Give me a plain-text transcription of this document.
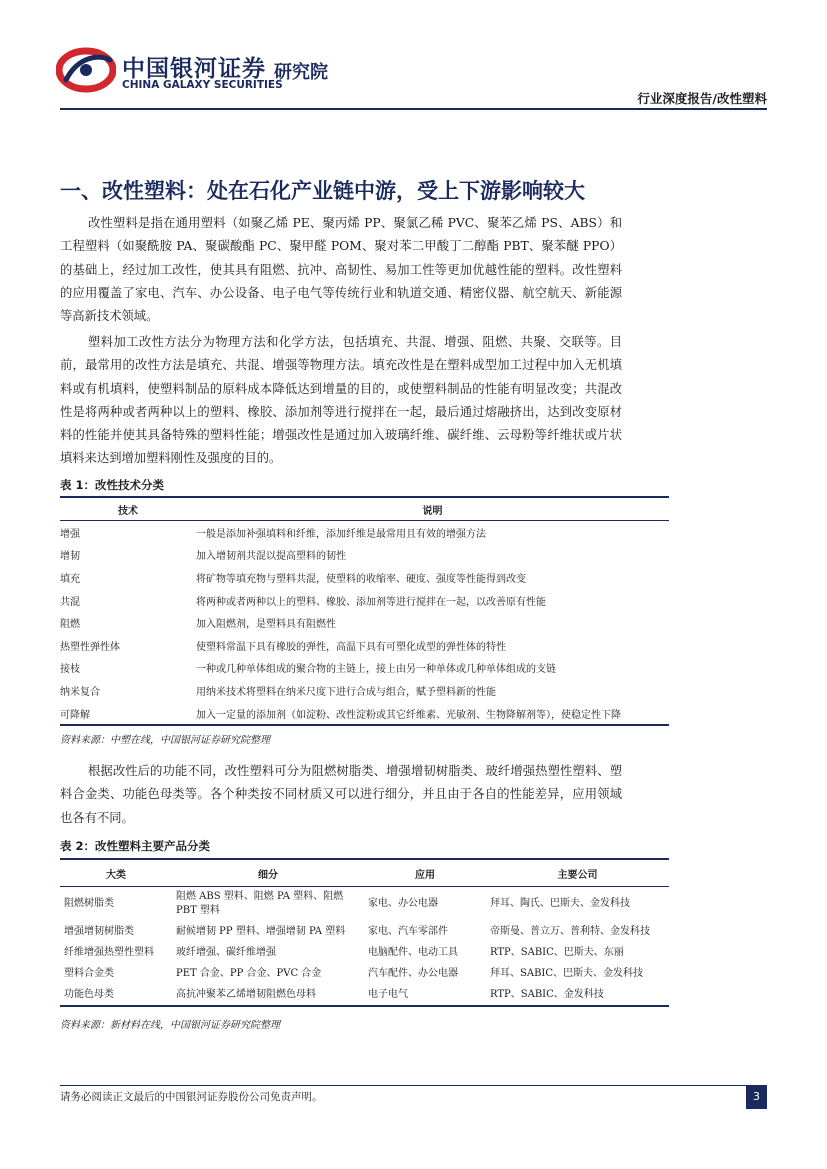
中国银河证券
CHINA GALAXY SECURITIES
研究院
行业深度报告/改性塑料
一、改性塑料：处在石化产业链中游，受上下游影响较大
改性塑料是指在通用塑料（如聚乙烯 PE、聚丙烯 PP、聚氯乙稀 PVC、聚苯乙烯 PS、ABS）和工程塑料（如聚酰胺 PA、聚碳酸酯 PC、聚甲醛 POM、聚对苯二甲酸丁二醇酯 PBT、聚苯醚 PPO）的基础上，经过加工改性，使其具有阻燃、抗冲、高韧性、易加工性等更加优越性能的塑料。改性塑料的应用覆盖了家电、汽车、办公设备、电子电气等传统行业和轨道交通、精密仪器、航空航天、新能源等高新技术领域。
塑料加工改性方法分为物理方法和化学方法，包括填充、共混、增强、阻燃、共聚、交联等。目前，最常用的改性方法是填充、共混、增强等物理方法。填充改性是在塑料成型加工过程中加入无机填料或有机填料，使塑料制品的原料成本降低达到增量的目的，或使塑料制品的性能有明显改变；共混改性是将两种或者两种以上的塑料、橡胶、添加剂等进行搅拌在一起，最后通过熔融挤出，达到改变原材料的性能并使其具备特殊的塑料性能；增强改性是通过加入玻璃纤维、碳纤维、云母粉等纤维状或片状填料来达到增加塑料刚性及强度的目的。
表 1：改性技术分类
技术	说明
增强	一般是添加补强填料和纤维，添加纤维是最常用且有效的增强方法
增韧	加入增韧剂共混以提高塑料的韧性
填充	将矿物等填充物与塑料共混，使塑料的收缩率、硬度、强度等性能得到改变
共混	将两种或者两种以上的塑料、橡胶、添加剂等进行搅拌在一起，以改善原有性能
阻燃	加入阻燃剂，是塑料具有阻燃性
热塑性弹性体	使塑料常温下具有橡胶的弹性，高温下具有可塑化成型的弹性体的特性
接枝	一种或几种单体组成的聚合物的主链上，接上由另一种单体或几种单体组成的支链
纳米复合	用纳米技术将塑料在纳米尺度下进行合成与组合，赋予塑料新的性能
可降解	加入一定量的添加剂（如淀粉、改性淀粉或其它纤维素、光敏剂、生物降解剂等），使稳定性下降
资料来源：中塑在线，中国银河证券研究院整理
根据改性后的功能不同，改性塑料可分为阻燃树脂类、增强增韧树脂类、玻纤增强热塑性塑料、塑料合金类、功能色母类等。各个种类按不同材质又可以进行细分，并且由于各自的性能差异，应用领域也各有不同。
表 2：改性塑料主要产品分类
大类	细分	应用	主要公司
阻燃树脂类	阻燃 ABS 塑料、阻燃 PA 塑料、阻燃 PBT 塑料	家电、办公电器	拜耳、陶氏、巴斯夫、金发科技
增强增韧树脂类	耐候增韧 PP 塑料、增强增韧 PA 塑料	家电、汽车零部件	帝斯曼、普立万、普利特、金发科技
纤维增强热塑性塑料	玻纤增强、碳纤维增强	电脑配件、电动工具	RTP、SABIC、巴斯夫、东丽
塑料合金类	PET 合金、PP 合金、PVC 合金	汽车配件、办公电器	拜耳、SABIC、巴斯夫、金发科技
功能色母类	高抗冲聚苯乙烯增韧阻燃色母料	电子电气	RTP、SABIC、金发科技
资料来源：新材料在线，中国银河证券研究院整理
请务必阅读正文最后的中国银河证券股份公司免责声明。	3
